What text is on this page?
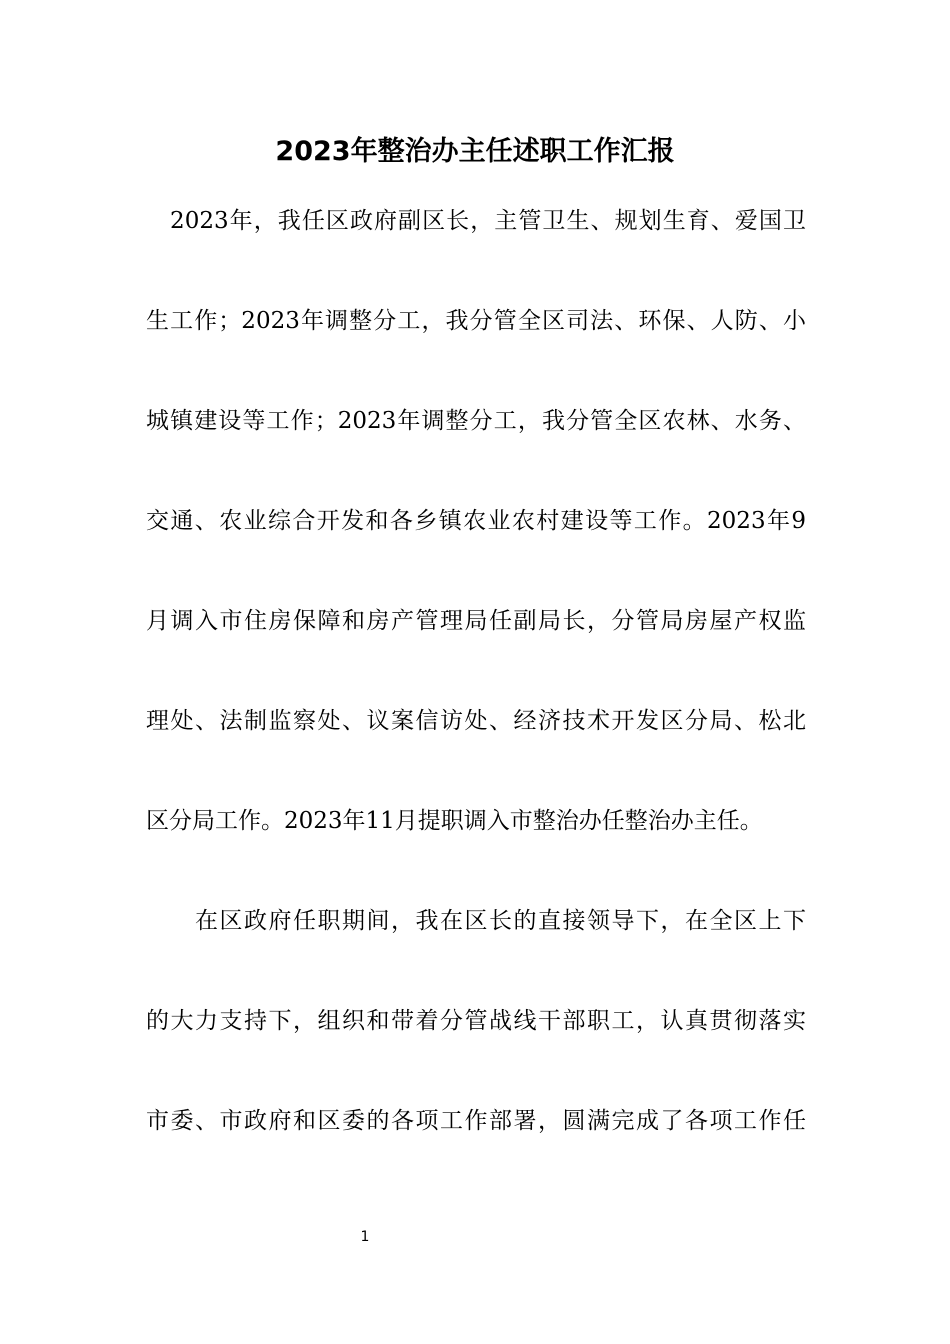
2023年整治办主任述职工作汇报
　2023年，我任区政府副区长，主管卫生、规划生育、爱国卫
生工作；2023年调整分工，我分管全区司法、环保、人防、小
城镇建设等工作；2023年调整分工，我分管全区农林、水务、
交通、农业综合开发和各乡镇农业农村建设等工作。2023年9
月调入市住房保障和房产管理局任副局长，分管局房屋产权监
理处、法制监察处、议案信访处、经济技术开发区分局、松北
区分局工作。2023年11月提职调入市整治办任整治办主任。
　　在区政府任职期间，我在区长的直接领导下，在全区上下
的大力支持下，组织和带着分管战线干部职工，认真贯彻落实
市委、市政府和区委的各项工作部署，圆满完成了各项工作任
1
